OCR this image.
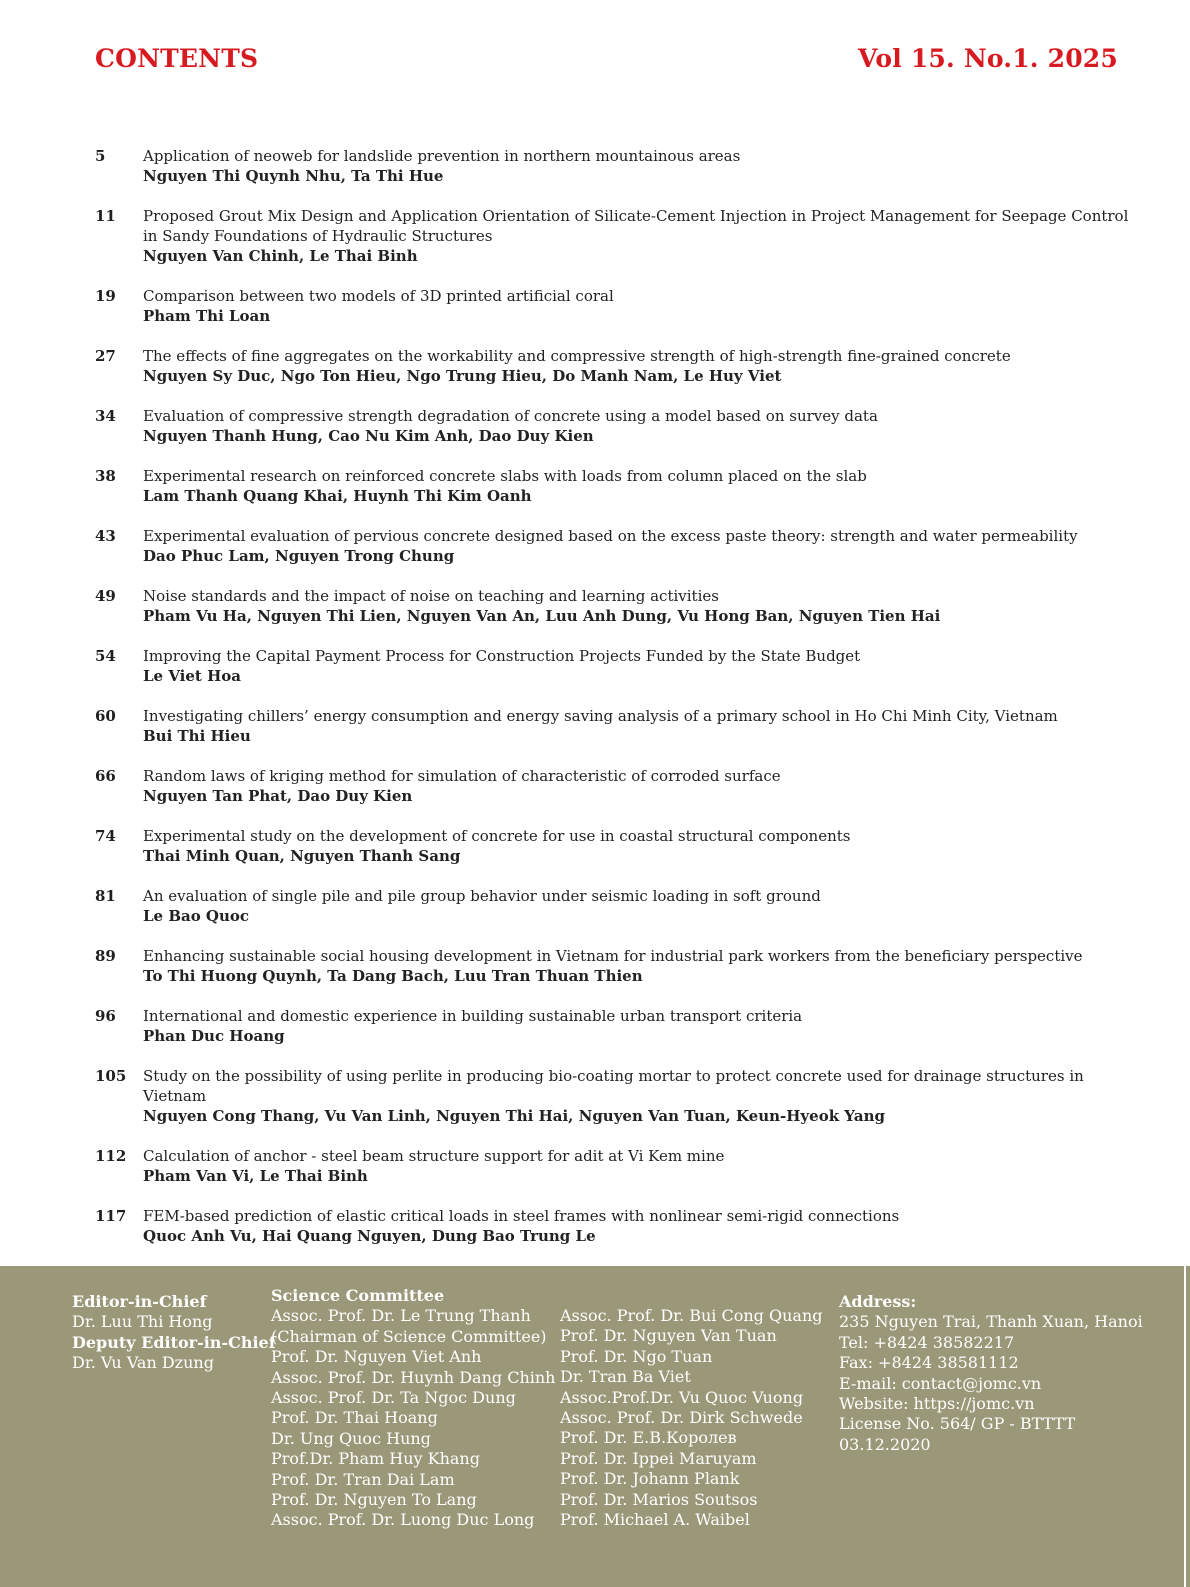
CONTENTS	Vol 15. No.1. 2025
5	Application of neoweb for landslide prevention in northern mountainous areas
Nguyen Thi Quynh Nhu, Ta Thi Hue
11	Proposed Grout Mix Design and Application Orientation of Silicate-Cement Injection in Project Management for Seepage Control in Sandy Foundations of Hydraulic Structures
Nguyen Van Chinh, Le Thai Binh
19	Comparison between two models of 3D printed artificial coral
Pham Thi Loan
27	The effects of fine aggregates on the workability and compressive strength of high-strength fine-grained concrete
Nguyen Sy Duc, Ngo Ton Hieu, Ngo Trung Hieu, Do Manh Nam, Le Huy Viet
34	Evaluation of compressive strength degradation of concrete using a model based on survey data
Nguyen Thanh Hung, Cao Nu Kim Anh, Dao Duy Kien
38	Experimental research on reinforced concrete slabs with loads from column placed on the slab
Lam Thanh Quang Khai, Huynh Thi Kim Oanh
43	Experimental evaluation of pervious concrete designed based on the excess paste theory: strength and water permeability
Dao Phuc Lam, Nguyen Trong Chung
49	Noise standards and the impact of noise on teaching and learning activities
Pham Vu Ha, Nguyen Thi Lien, Nguyen Van An, Luu Anh Dung, Vu Hong Ban, Nguyen Tien Hai
54	Improving the Capital Payment Process for Construction Projects Funded by the State Budget
Le Viet Hoa
60	Investigating chillers’ energy consumption and energy saving analysis of a primary school in Ho Chi Minh City, Vietnam
Bui Thi Hieu
66	Random laws of kriging method for simulation of characteristic of corroded surface
Nguyen Tan Phat, Dao Duy Kien
74	Experimental study on the development of concrete for use in coastal structural components
Thai Minh Quan, Nguyen Thanh Sang
81	An evaluation of single pile and pile group behavior under seismic loading in soft ground
Le Bao Quoc
89	Enhancing sustainable social housing development in Vietnam for industrial park workers from the beneficiary perspective
To Thi Huong Quynh, Ta Dang Bach, Luu Tran Thuan Thien
96	International and domestic experience in building sustainable urban transport criteria
Phan Duc Hoang
105	Study on the possibility of using perlite in producing bio-coating mortar to protect concrete used for drainage structures in Vietnam
Nguyen Cong Thang, Vu Van Linh, Nguyen Thi Hai, Nguyen Van Tuan, Keun-Hyeok Yang
112	Calculation of anchor - steel beam structure support for adit at Vi Kem mine
Pham Van Vi, Le Thai Binh
117	FEM-based prediction of elastic critical loads in steel frames with nonlinear semi-rigid connections
Quoc Anh Vu, Hai Quang Nguyen, Dung Bao Trung Le
Editor-in-Chief
Dr. Luu Thi Hong
Deputy Editor-in-Chief
Dr. Vu Van Dzung
Science Committee
Assoc. Prof. Dr. Le Trung Thanh
(Chairman of Science Committee)
Prof. Dr. Nguyen Viet Anh
Assoc. Prof. Dr. Huynh Dang Chinh
Assoc. Prof. Dr. Ta Ngoc Dung
Prof. Dr. Thai Hoang
Dr. Ung Quoc Hung
Prof.Dr. Pham Huy Khang
Prof. Dr. Tran Dai Lam
Prof. Dr. Nguyen To Lang
Assoc. Prof. Dr. Luong Duc Long
Assoc. Prof. Dr. Bui Cong Quang
Prof. Dr. Nguyen Van Tuan
Prof. Dr. Ngo Tuan
Dr. Tran Ba Viet
Assoc.Prof.Dr. Vu Quoc Vuong
Assoc. Prof. Dr. Dirk Schwede
Prof. Dr. E.B.Королев
Prof. Dr. Ippei Maruyam
Prof. Dr. Johann Plank
Prof. Dr. Marios Soutsos
Prof. Michael A. Waibel
Address:
235 Nguyen Trai, Thanh Xuan, Hanoi
Tel: +8424 38582217
Fax: +8424 38581112
E-mail: contact@jomc.vn
Website: https://jomc.vn
License No. 564/ GP - BTTTT
03.12.2020
